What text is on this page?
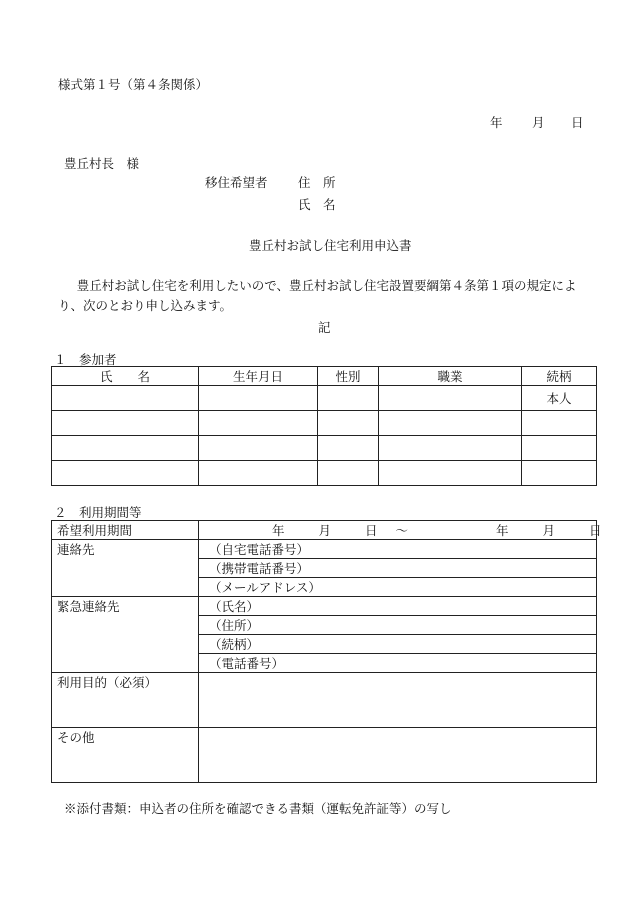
様式第１号（第４条関係）
年 月 日
豊丘村長　様
移住希望者 住　所
氏　名
豊丘村お試し住宅利用申込書
豊丘村お試し住宅を利用したいので、豊丘村お試し住宅設置要綱第４条第１項の規定により、次のとおり申し込みます。
記
１　参加者
氏　　名	生年月日	性別	職業	続柄
				本人

２　利用期間等
希望利用期間	年 月 日 ～ 年 月 日
連絡先	（自宅電話番号）
	（携帯電話番号）
	（メールアドレス）
緊急連絡先	（氏名）
	（住所）
	（続柄）
	（電話番号）
利用目的（必須）	
その他	
※添付書類：申込者の住所を確認できる書類（運転免許証等）の写し
